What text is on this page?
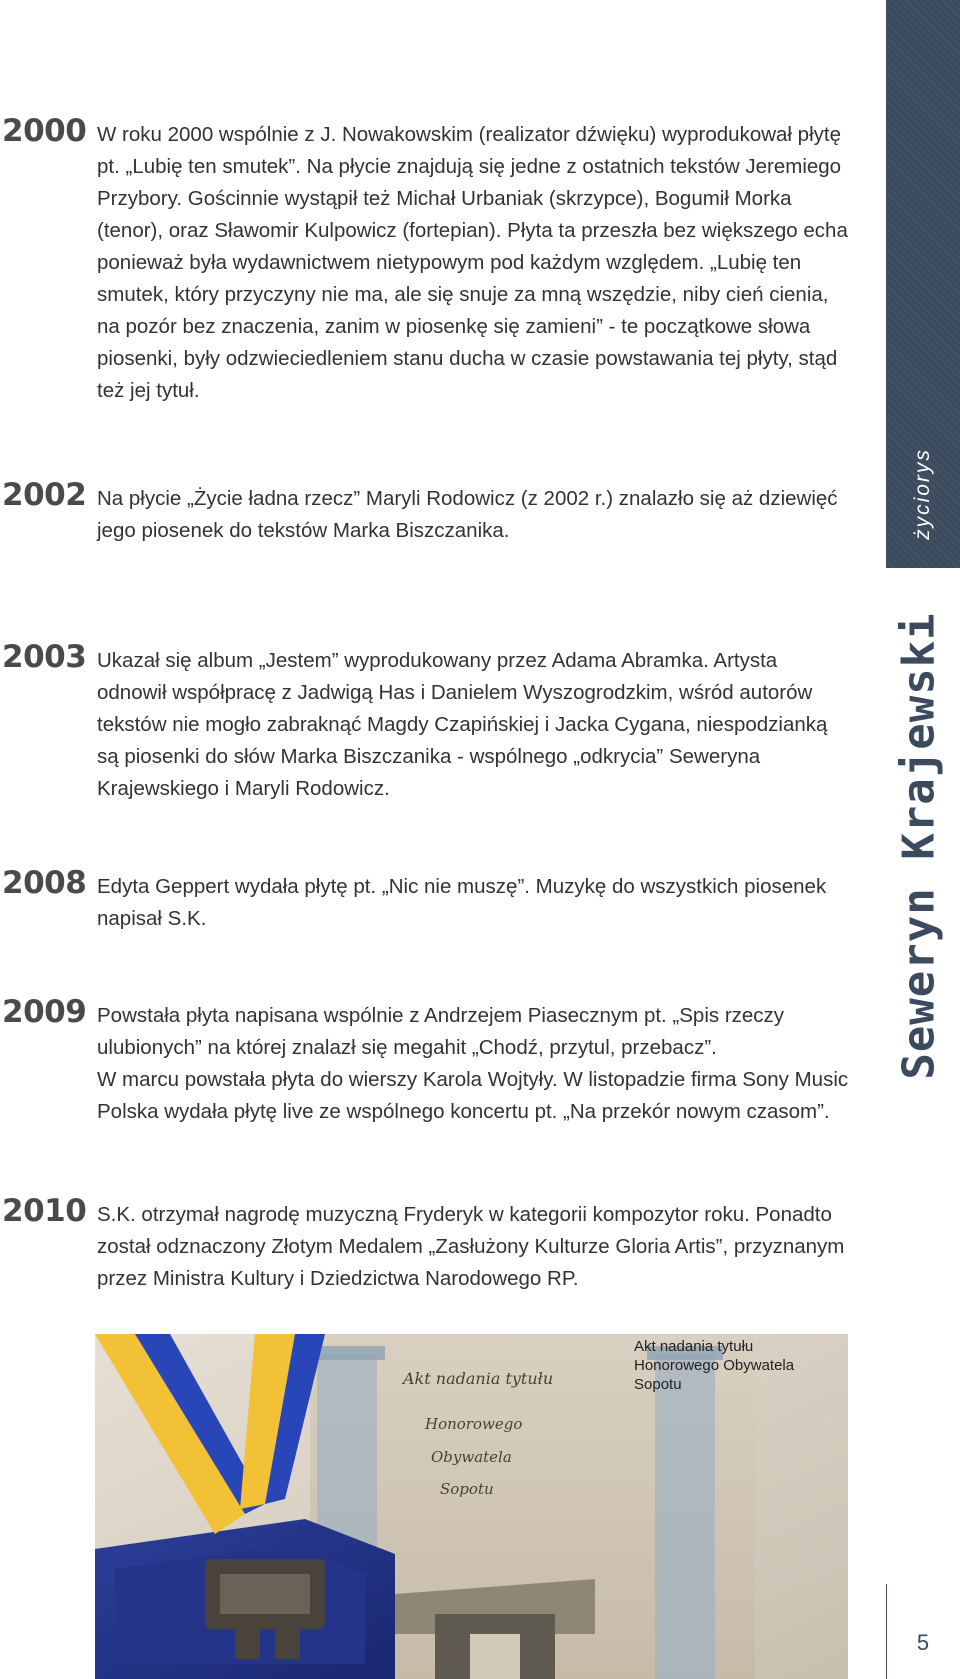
2000 W roku 2000 wspólnie z J. Nowakowskim (realizator dźwięku) wyprodukował płytę pt. „Lubię ten smutek”. Na płycie znajdują się jedne z ostatnich tekstów Jeremiego Przybory. Gościnnie wystąpił też Michał Urbaniak (skrzypce), Bogumił Morka (tenor), oraz Sławomir Kulpowicz (fortepian). Płyta ta przeszła bez większego echa ponieważ była wydawnictwem nietypowym pod każdym względem. „Lubię ten smutek, który przyczyny nie ma, ale się snuje za mną wszędzie, niby cień cienia, na pozór bez znaczenia, zanim w piosenkę się zamieni” - te początkowe słowa piosenki, były odzwieciedleniem stanu ducha w czasie powstawania tej płyty, stąd też jej tytuł.

2002 Na płycie „Życie ładna rzecz” Maryli Rodowicz (z 2002 r.) znalazło się aż dziewięć jego piosenek do tekstów Marka Biszczanika.

2003 Ukazał się album „Jestem” wyprodukowany przez Adama Abramka. Artysta odnowił współpracę z Jadwigą Has i Danielem Wyszogrodzkim, wśród autorów tekstów nie mogło zabraknąć Magdy Czapińskiej i Jacka Cygana, niespodzianką są piosenki do słów Marka Biszczanika - wspólnego „odkrycia” Seweryna Krajewskiego i Maryli Rodowicz.

2008 Edyta Geppert wydała płytę pt. „Nic nie muszę”. Muzykę do wszystkich piosenek napisał S.K.

2009 Powstała płyta napisana wspólnie z Andrzejem Piasecznym pt. „Spis rzeczy ulubionych” na której znalazł się megahit „Chodź, przytul, przebacz”.

W marcu powstała płyta do wierszy Karola Wojtyły. W listopadzie firma Sony Music Polska wydała płytę live ze wspólnego koncertu pt. „Na przekór nowym czasom”.

2010 S.K. otrzymał nagrodę muzyczną Fryderyk w kategorii kompozytor roku. Ponadto został odznaczony Złotym Medalem „Zasłużony Kulturze Gloria Artis”, przyznanym przez Ministra Kultury i Dziedzictwa Narodowego RP.

życiorys
Seweryn Krajewski
5
Akt nadania tytułu
Honorowego
Obywatela
Sopotu
Akt nadania tytułu
Honorowego Obywatela Sopotu
